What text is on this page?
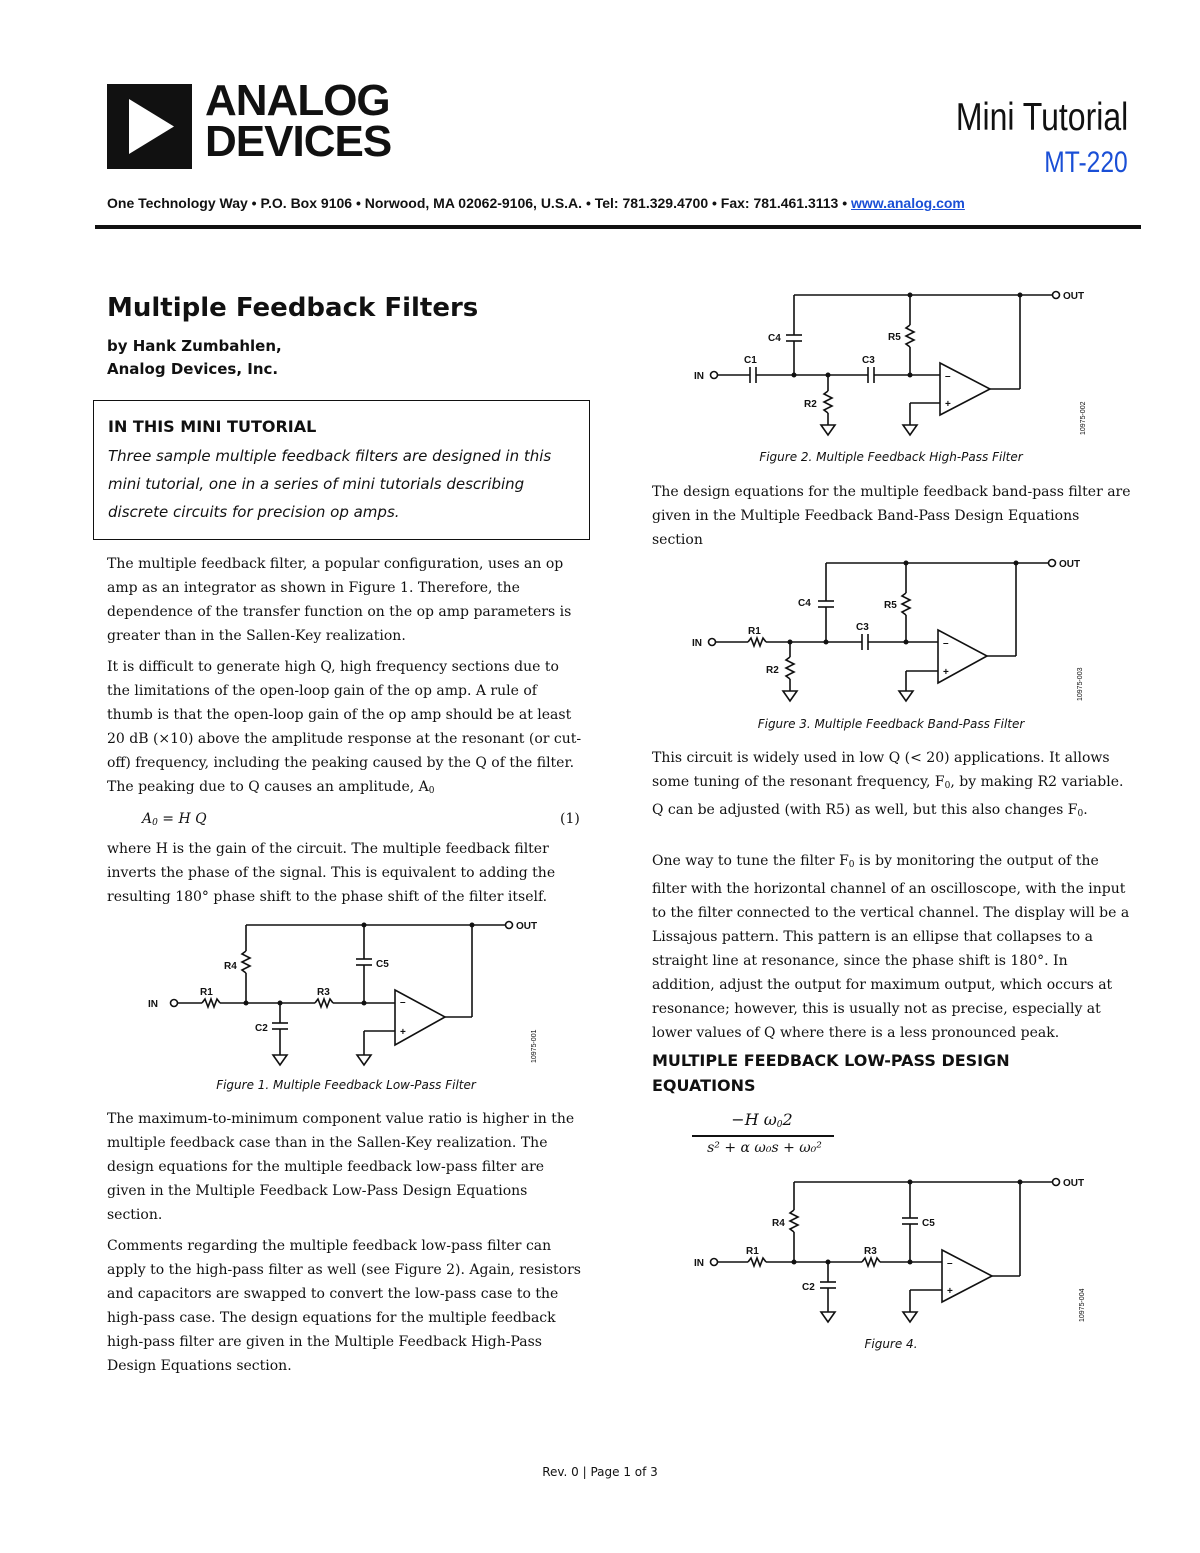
ANALOG
DEVICES	Mini Tutorial
MT-220
One Technology Way • P.O. Box 9106 • Norwood, MA 02062-9106, U.S.A. • Tel: 781.329.4700 • Fax: 781.461.3113 • www.analog.com
Multiple Feedback Filters
by Hank Zumbahlen,
Analog Devices, Inc.
IN THIS MINI TUTORIAL
Three sample multiple feedback filters are designed in this mini tutorial, one in a series of mini tutorials describing discrete circuits for precision op amps.
The multiple feedback filter, a popular configuration, uses an op amp as an integrator as shown in Figure 1. Therefore, the dependence of the transfer function on the op amp parameters is greater than in the Sallen-Key realization.
It is difficult to generate high Q, high frequency sections due to the limitations of the open-loop gain of the op amp. A rule of thumb is that the open-loop gain of the op amp should be at least 20 dB (×10) above the amplitude response at the resonant (or cut-off) frequency, including the peaking caused by the Q of the filter. The peaking due to Q causes an amplitude, $A_0$
$A_0 = H$ Q	(1)
where H is the gain of the circuit. The multiple feedback filter inverts the phase of the signal. This is equivalent to adding the resulting 180° phase shift to the phase shift of the filter itself.
IN
OUT
R1	R3
R4	C5
C2
–
+	10975-001
Figure 1. Multiple Feedback Low-Pass Filter
The maximum-to-minimum component value ratio is higher in the multiple feedback case than in the Sallen-Key realization. The design equations for the multiple feedback low-pass filter are given in the Multiple Feedback Low-Pass Design Equations section.
Comments regarding the multiple feedback low-pass filter can apply to the high-pass filter as well (see Figure 2). Again, resistors and capacitors are swapped to convert the low-pass case to the high-pass case. The design equations for the multiple feedback high-pass filter are given in the Multiple Feedback High-Pass Design Equations section.
IN
OUT
C1	C3
C4	R5
R2
–
+	10975-002
Figure 2. Multiple Feedback High-Pass Filter
The design equations for the multiple feedback band-pass filter are given in the Multiple Feedback Band-Pass Design Equations section
IN
OUT
R1	C3
C4	R5
R2
–
+	10975-003
Figure 3. Multiple Feedback Band-Pass Filter
This circuit is widely used in low Q (< 20) applications. It allows some tuning of the resonant frequency, $F_0$, by making R2 variable. Q can be adjusted (with R5) as well, but this also changes $F_0$.
One way to tune the filter $F_0$ is by monitoring the output of the filter with the horizontal channel of an oscilloscope, with the input to the filter connected to the vertical channel. The display will be a Lissajous pattern. This pattern is an ellipse that collapses to a straight line at resonance, since the phase shift is 180°. In addition, adjust the output for maximum output, which occurs at resonance; however, this is usually not as precise, especially at lower values of Q where there is a less pronounced peak.
MULTIPLE FEEDBACK LOW-PASS DESIGN EQUATIONS
−H $\omega_02$
s² + α ω₀s + ω₀²
IN
OUT
R1	R3
R4	C5
C2
–
+	10975-004
Figure 4.
Rev. 0 | Page 1 of 3
